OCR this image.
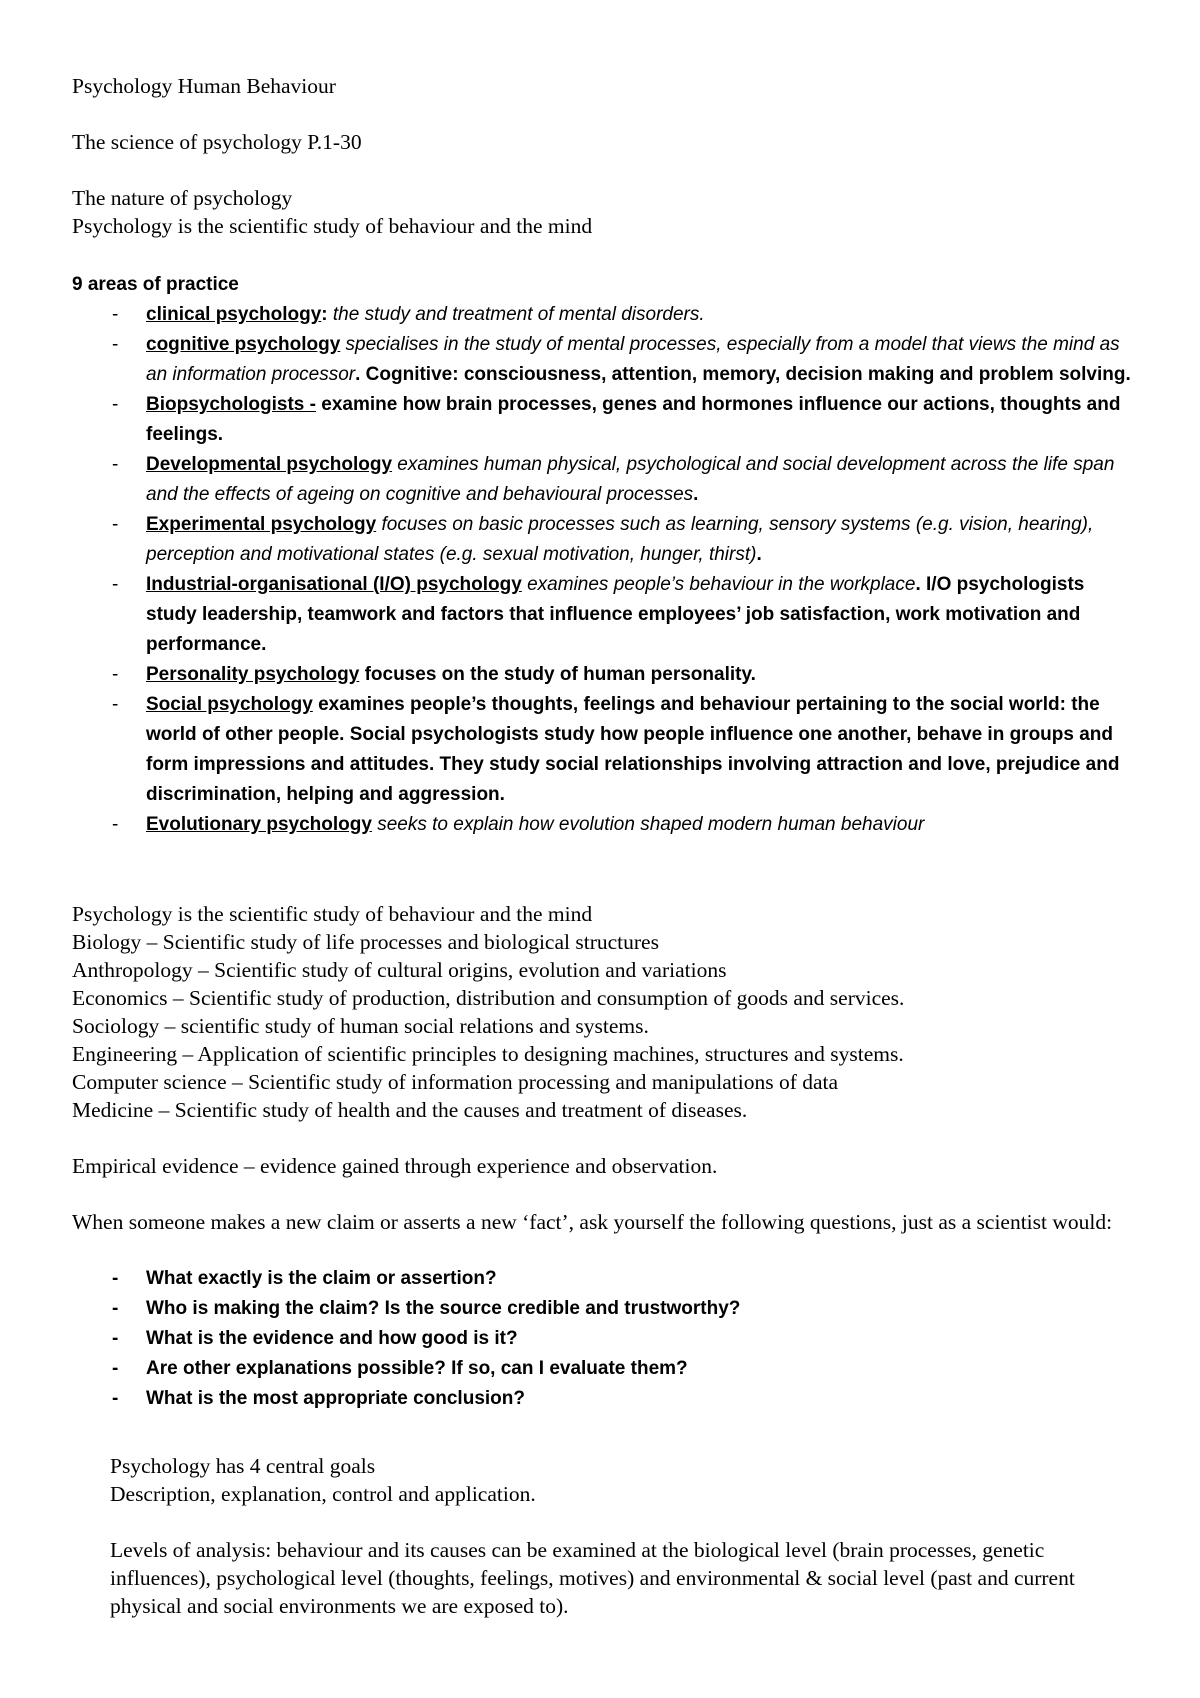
Psychology Human Behaviour
The science of psychology P.1-30
The nature of psychology
Psychology is the scientific study of behaviour and the mind
9 areas of practice
- clinical psychology: the study and treatment of mental disorders.
- cognitive psychology specialises in the study of mental processes, especially from a model that views the mind as an information processor. Cognitive: consciousness, attention, memory, decision making and problem solving.
- Biopsychologists - examine how brain processes, genes and hormones influence our actions, thoughts and feelings.
- Developmental psychology examines human physical, psychological and social development across the life span and the effects of ageing on cognitive and behavioural processes.
- Experimental psychology focuses on basic processes such as learning, sensory systems (e.g. vision, hearing), perception and motivational states (e.g. sexual motivation, hunger, thirst).
- Industrial-organisational (I/O) psychology examines people’s behaviour in the workplace. I/O psychologists study leadership, teamwork and factors that influence employees’ job satisfaction, work motivation and performance.
- Personality psychology focuses on the study of human personality.
- Social psychology examines people’s thoughts, feelings and behaviour pertaining to the social world: the world of other people. Social psychologists study how people influence one another, behave in groups and form impressions and attitudes. They study social relationships involving attraction and love, prejudice and discrimination, helping and aggression.
- Evolutionary psychology seeks to explain how evolution shaped modern human behaviour
Psychology is the scientific study of behaviour and the mind
Biology – Scientific study of life processes and biological structures
Anthropology – Scientific study of cultural origins, evolution and variations
Economics – Scientific study of production, distribution and consumption of goods and services.
Sociology – scientific study of human social relations and systems.
Engineering – Application of scientific principles to designing machines, structures and systems.
Computer science – Scientific study of information processing and manipulations of data
Medicine – Scientific study of health and the causes and treatment of diseases.
Empirical evidence – evidence gained through experience and observation.
When someone makes a new claim or asserts a new ‘fact’, ask yourself the following questions, just as a scientist would:
- What exactly is the claim or assertion?
- Who is making the claim? Is the source credible and trustworthy?
- What is the evidence and how good is it?
- Are other explanations possible? If so, can I evaluate them?
- What is the most appropriate conclusion?
Psychology has 4 central goals
Description, explanation, control and application.
Levels of analysis: behaviour and its causes can be examined at the biological level (brain processes, genetic influences), psychological level (thoughts, feelings, motives) and environmental & social level (past and current physical and social environments we are exposed to).
